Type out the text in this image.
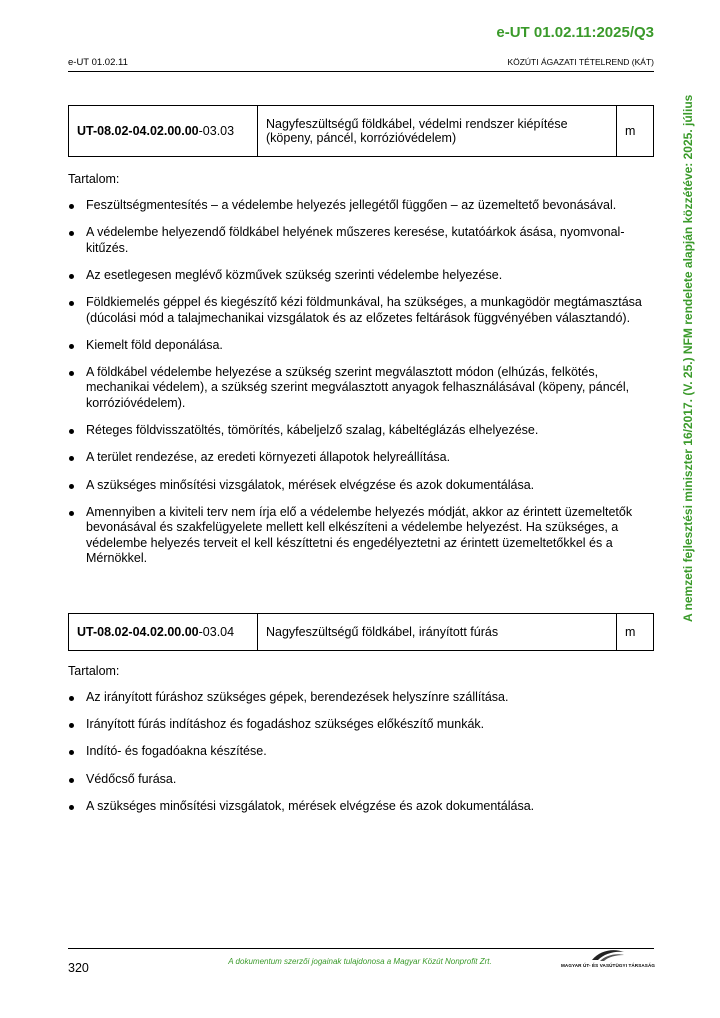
e-UT 01.02.11:2025/Q3
e-UT 01.02.11	KÖZÚTI ÁGAZATI TÉTELREND (KÁT)
A nemzeti fejlesztési miniszter 16/2017. (V. 25.) NFM rendelete alapján közzétéve: 2025. július
UT-08.02-04.02.00.00-03.03	Nagyfeszültségű földkábel, védelmi rendszer kiépítése (köpeny, páncél, korrózióvédelem)	m
Tartalom:
Feszültségmentesítés – a védelembe helyezés jellegétől függően – az üzemeltető bevonásával.
A védelembe helyezendő földkábel helyének műszeres keresése, kutatóárkok ásása, nyomvonal-kitűzés.
Az esetlegesen meglévő közművek szükség szerinti védelembe helyezése.
Földkiemelés géppel és kiegészítő kézi földmunkával, ha szükséges, a munkagödör megtámasztása (dúcolási mód a talajmechanikai vizsgálatok és az előzetes feltárások függvényében választandó).
Kiemelt föld deponálása.
A földkábel védelembe helyezése a szükség szerint megválasztott módon (elhúzás, felkötés, mechanikai védelem), a szükség szerint megválasztott anyagok felhasználásával (köpeny, páncél, korrózióvédelem).
Réteges földvisszatöltés, tömörítés, kábeljelző szalag, kábeltéglázás elhelyezése.
A terület rendezése, az eredeti környezeti állapotok helyreállítása.
A szükséges minősítési vizsgálatok, mérések elvégzése és azok dokumentálása.
Amennyiben a kiviteli terv nem írja elő a védelembe helyezés módját, akkor az érintett üzemeltetők bevonásával és szakfelügyelete mellett kell elkészíteni a védelembe helyezést. Ha szükséges, a védelembe helyezés terveit el kell készíttetni és engedélyeztetni az érintett üzemeltetőkkel és a Mérnökkel.
UT-08.02-04.02.00.00-03.04	Nagyfeszültségű földkábel, irányított fúrás	m
Tartalom:
Az irányított fúráshoz szükséges gépek, berendezések helyszínre szállítása.
Irányított fúrás indításhoz és fogadáshoz szükséges előkészítő munkák.
Indító- és fogadóakna készítése.
Védőcső furása.
A szükséges minősítési vizsgálatok, mérések elvégzése és azok dokumentálása.
320	A dokumentum szerzői jogainak tulajdonosa a Magyar Közút Nonprofit Zrt.	MAGYAR ÚT- ÉS VASÚTÜGYI TÁRSASÁG
